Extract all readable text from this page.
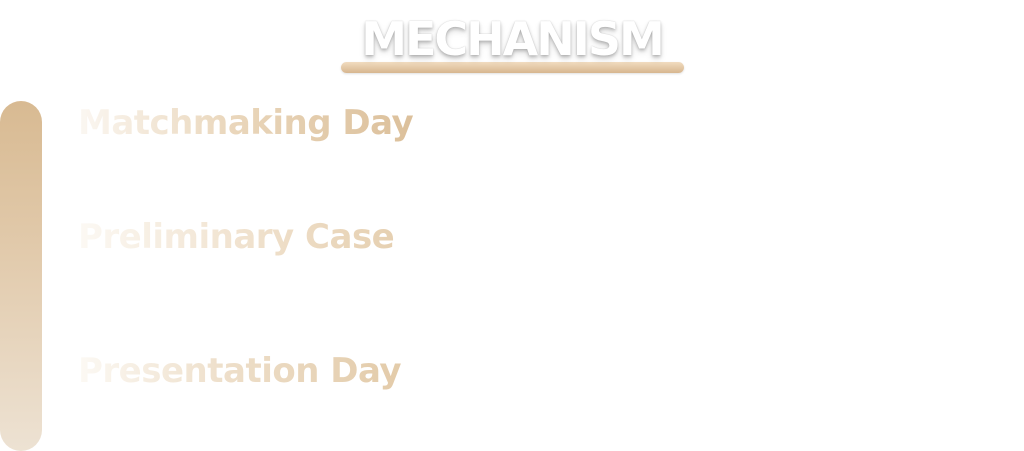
MECHANISM
Matchmaking Day
Preliminary Case
Presentation Day
